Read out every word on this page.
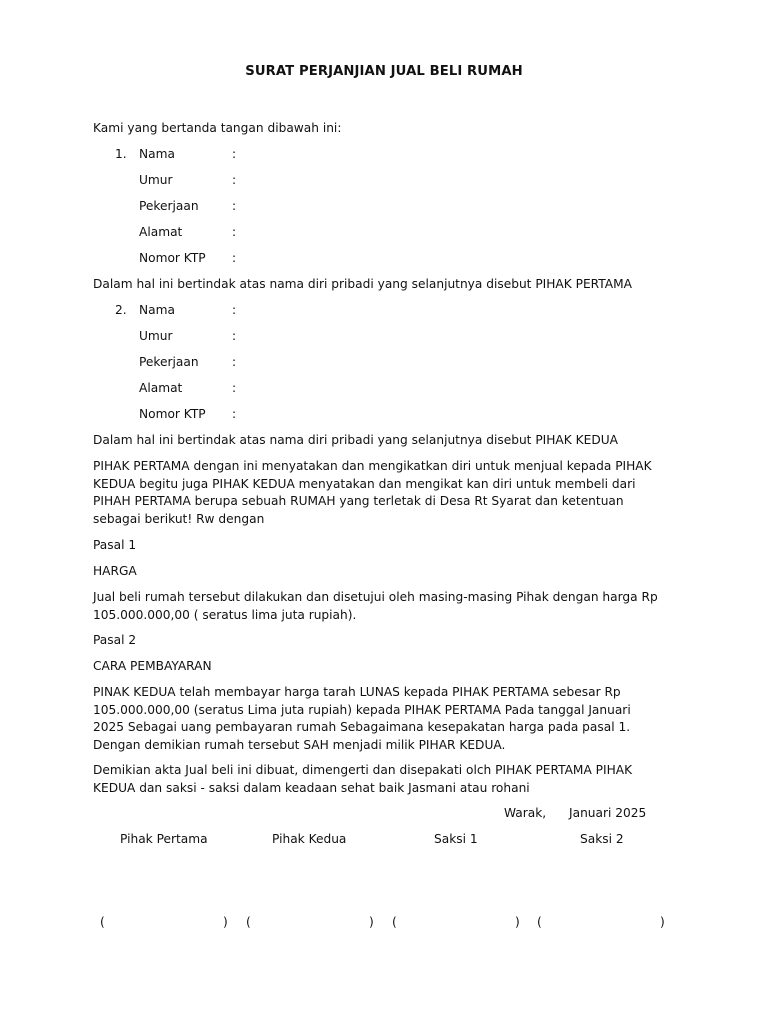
SURAT PERJANJIAN JUAL BELI RUMAH
Kami yang bertanda tangan dibawah ini:
1. Nama	:
Umur	:
Pekerjaan	:
Alamat	:
Nomor KTP :
Dalam hal ini bertindak atas nama diri pribadi yang selanjutnya disebut PIHAK PERTAMA
2. Nama	:
Umur	:
Pekerjaan	:
Alamat	:
Nomor KTP :
Dalam hal ini bertindak atas nama diri pribadi yang selanjutnya disebut PIHAK KEDUA

PIHAK PERTAMA dengan ini menyatakan dan mengikatkan diri untuk menjual kepada PIHAK

KEDUA begitu juga PIHAK KEDUA menyatakan dan mengikat kan diri untuk membeli dari

PIHAH PERTAMA berupa sebuah RUMAH yang terletak di Desa Rt Syarat dan ketentuan

sebagai berikut! Rw dengan

Pasal 1
HARGA

Jual beli rumah tersebut dilakukan dan disetujui oleh masing-masing Pihak dengan harga Rp

105.000.000,00 ( seratus lima juta rupiah).

Pasal 2
CARA PEMBAYARAN

PINAK KEDUA telah membayar harga tarah LUNAS kepada PIHAK PERTAMA sebesar Rp

105.000.000,00 (seratus Lima juta rupiah) kepada PIHAK PERTAMA Pada tanggal Januari

2025 Sebagai uang pembayaran rumah Sebagaimana kesepakatan harga pada pasal 1.

Dengan demikian rumah tersebut SAH menjadi milik PIHAR KEDUA.

Demikian akta Jual beli ini dibuat, dimengerti dan disepakati olch PIHAK PERTAMA PIHAK

KEDUA dan saksi - saksi dalam keadaan sehat baik Jasmani atau rohani

Warak, Januari 2025
Pihak Pertama	Pihak Kedua	Saksi 1	Saksi 2
(	) (	) (	) (	)
